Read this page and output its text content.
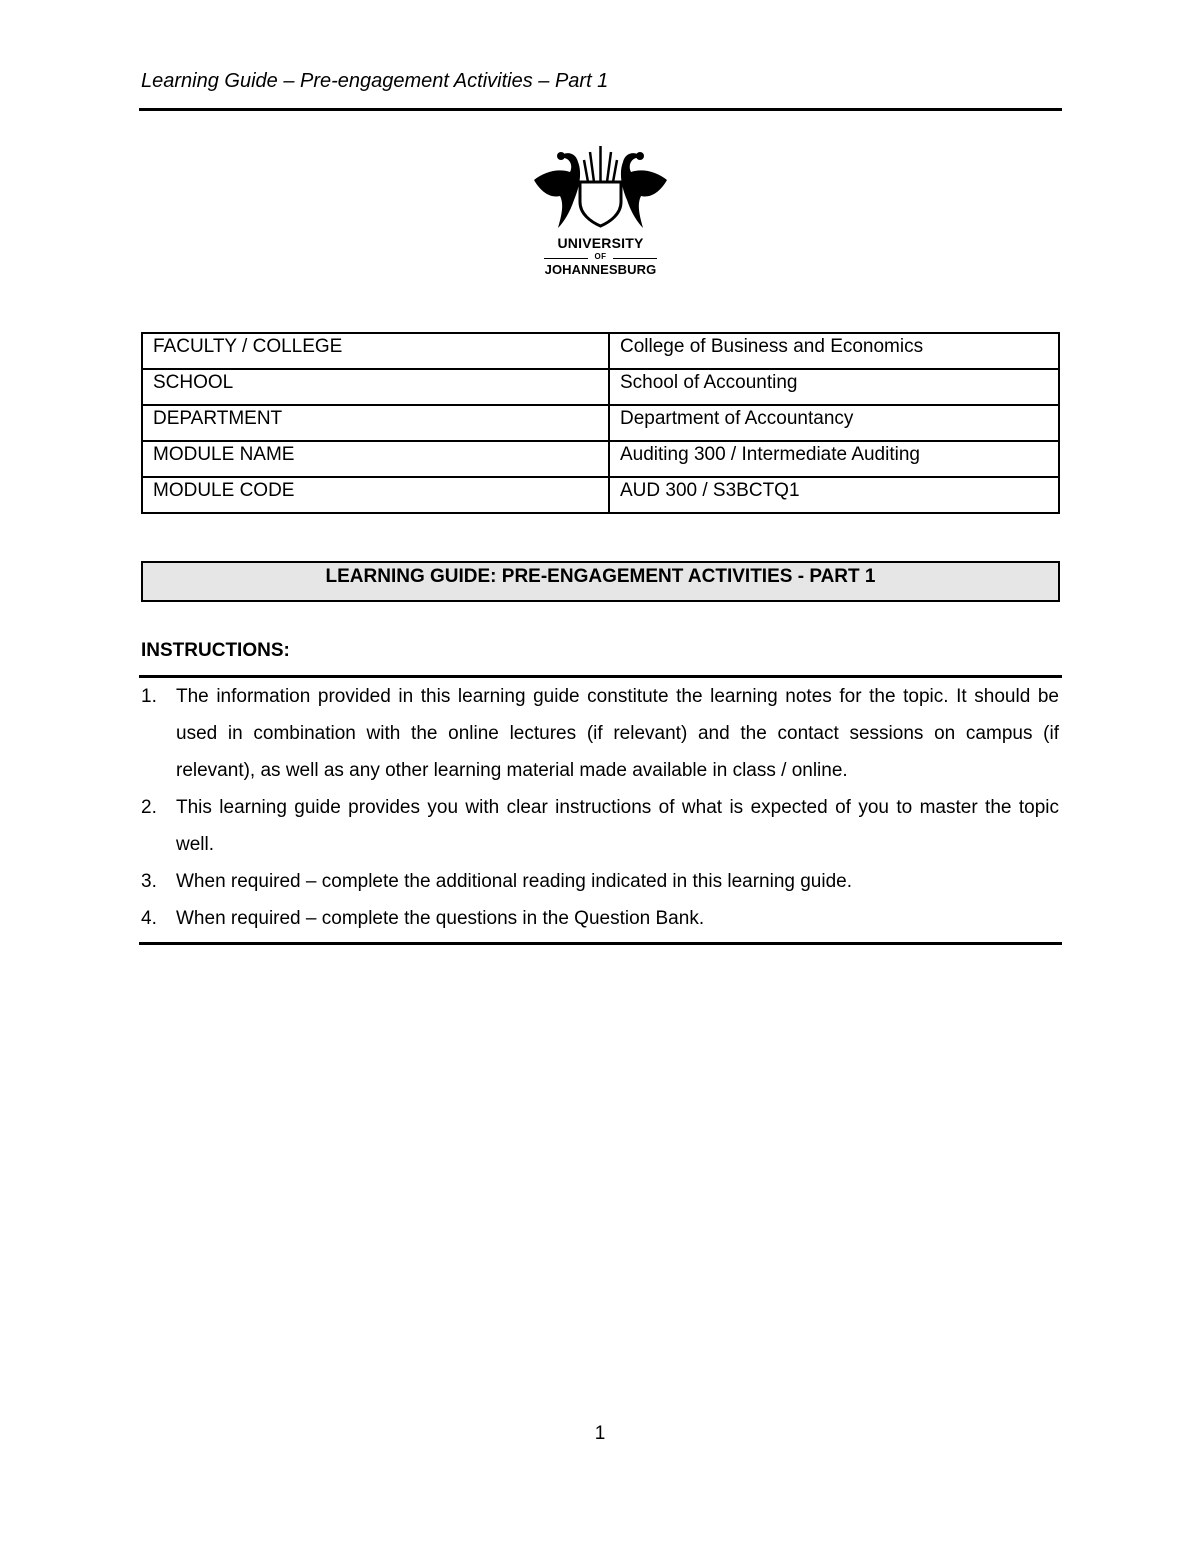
Learning Guide – Pre-engagement Activities – Part 1
UNIVERSITY
OF
JOHANNESBURG
FACULTY / COLLEGE	College of Business and Economics
SCHOOL	School of Accounting
DEPARTMENT	Department of Accountancy
MODULE NAME	Auditing 300 / Intermediate Auditing
MODULE CODE	AUD 300 / S3BCTQ1
LEARNING GUIDE: PRE-ENGAGEMENT ACTIVITIES - PART 1
INSTRUCTIONS:
1. The information provided in this learning guide constitute the learning notes for the topic. It should be used in combination with the online lectures (if relevant) and the contact sessions on campus (if relevant), as well as any other learning material made available in class / online.
2. This learning guide provides you with clear instructions of what is expected of you to master the topic well.
3. When required – complete the additional reading indicated in this learning guide.
4. When required – complete the questions in the Question Bank.
1
